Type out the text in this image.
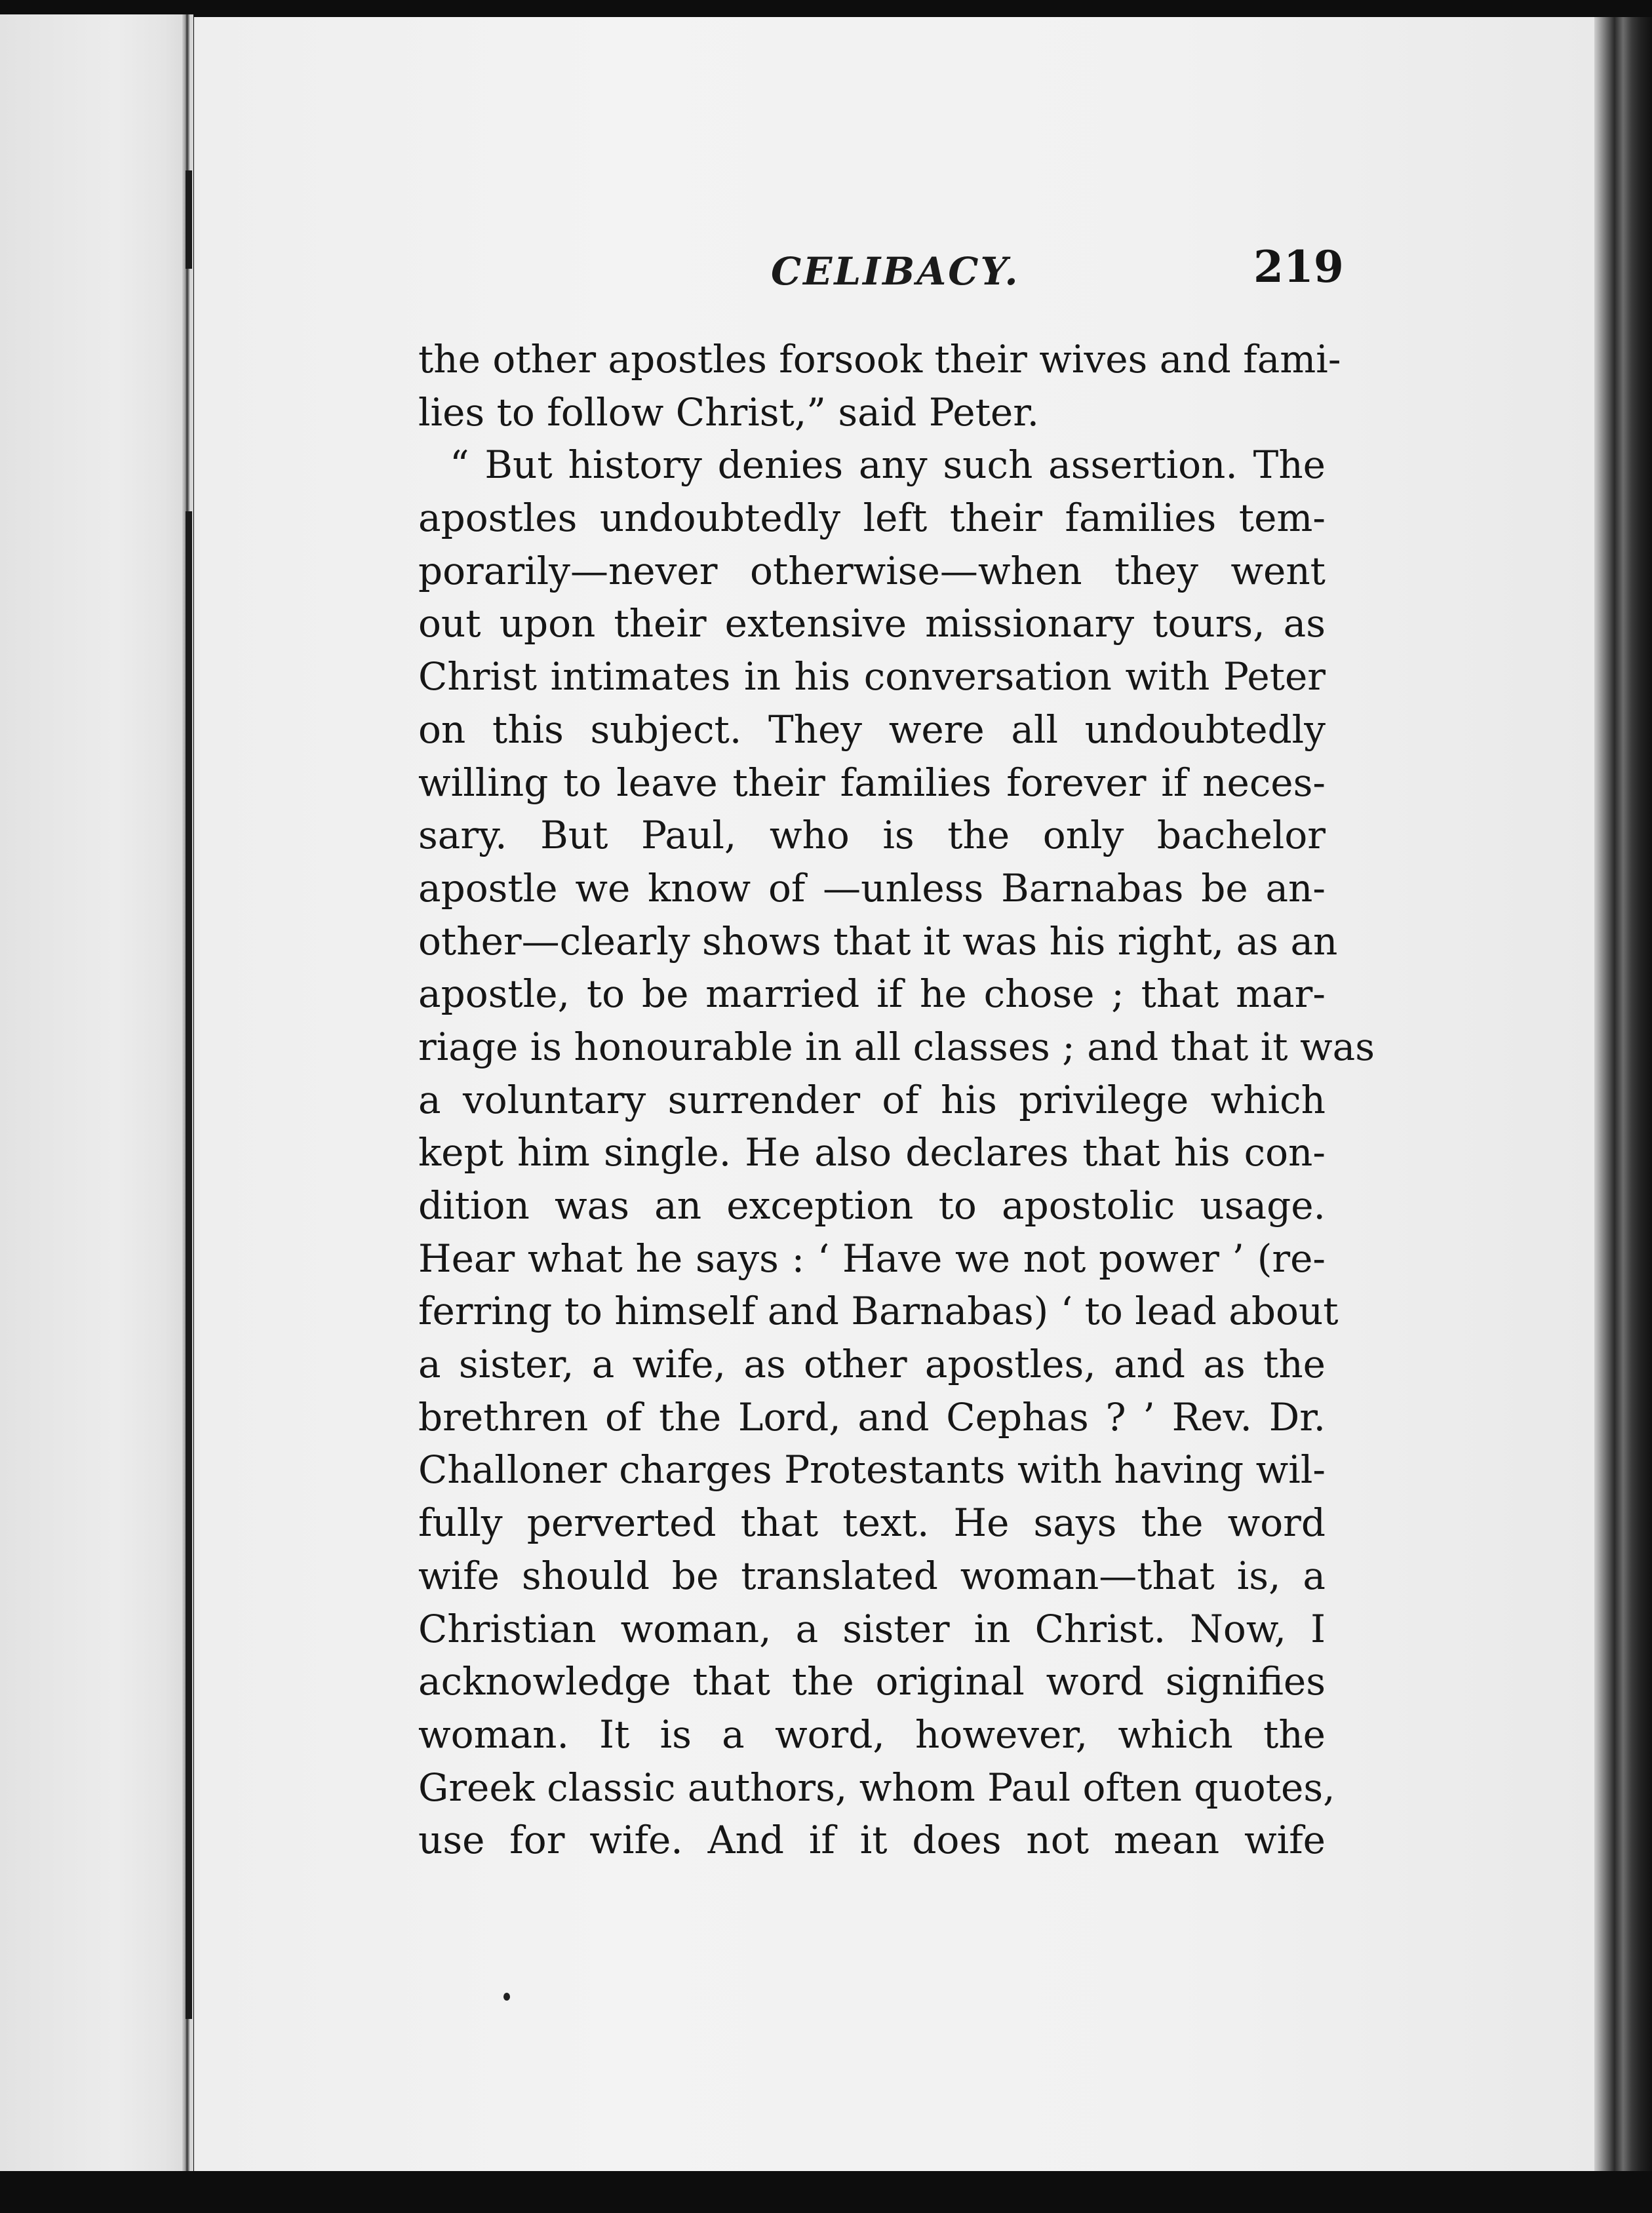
CELIBACY.	219
the other apostles forsook their wives and fami-
lies to follow Christ,” said Peter.
“ But history denies any such assertion. The
apostles undoubtedly left their families tem-
porarily—never otherwise—when they went
out upon their extensive missionary tours, as
Christ intimates in his conversation with Peter
on this subject. They were all undoubtedly
willing to leave their families forever if neces-
sary. But Paul, who is the only bachelor
apostle we know of —unless Barnabas be an-
other—clearly shows that it was his right, as an
apostle, to be married if he chose ; that mar-
riage is honourable in all classes ; and that it was
a voluntary surrender of his privilege which
kept him single. He also declares that his con-
dition was an exception to apostolic usage.
Hear what he says : ‘ Have we not power ’ (re-
ferring to himself and Barnabas) ‘ to lead about
a sister, a wife, as other apostles, and as the
brethren of the Lord, and Cephas ? ’ Rev. Dr.
Challoner charges Protestants with having wil-
fully perverted that text. He says the word
wife should be translated woman—that is, a
Christian woman, a sister in Christ. Now, I
acknowledge that the original word signifies
woman. It is a word, however, which the
Greek classic authors, whom Paul often quotes,
use for wife. And if it does not mean wife
